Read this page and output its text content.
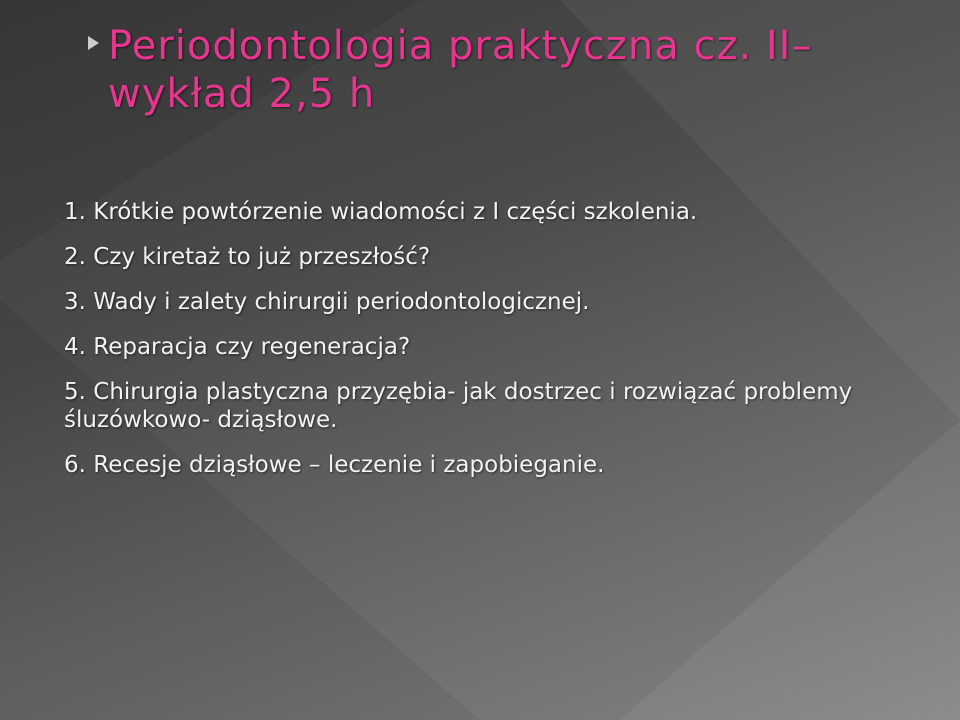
Periodontologia praktyczna cz. II–
wykład 2,5 h
1. Krótkie powtórzenie wiadomości z I części szkolenia.
2. Czy kiretaż to już przeszłość?
3. Wady i zalety chirurgii periodontologicznej.
4. Reparacja czy regeneracja?
5. Chirurgia plastyczna przyzębia- jak dostrzec i rozwiązać problemy śluzówkowo- dziąsłowe.
6. Recesje dziąsłowe – leczenie i zapobieganie.
